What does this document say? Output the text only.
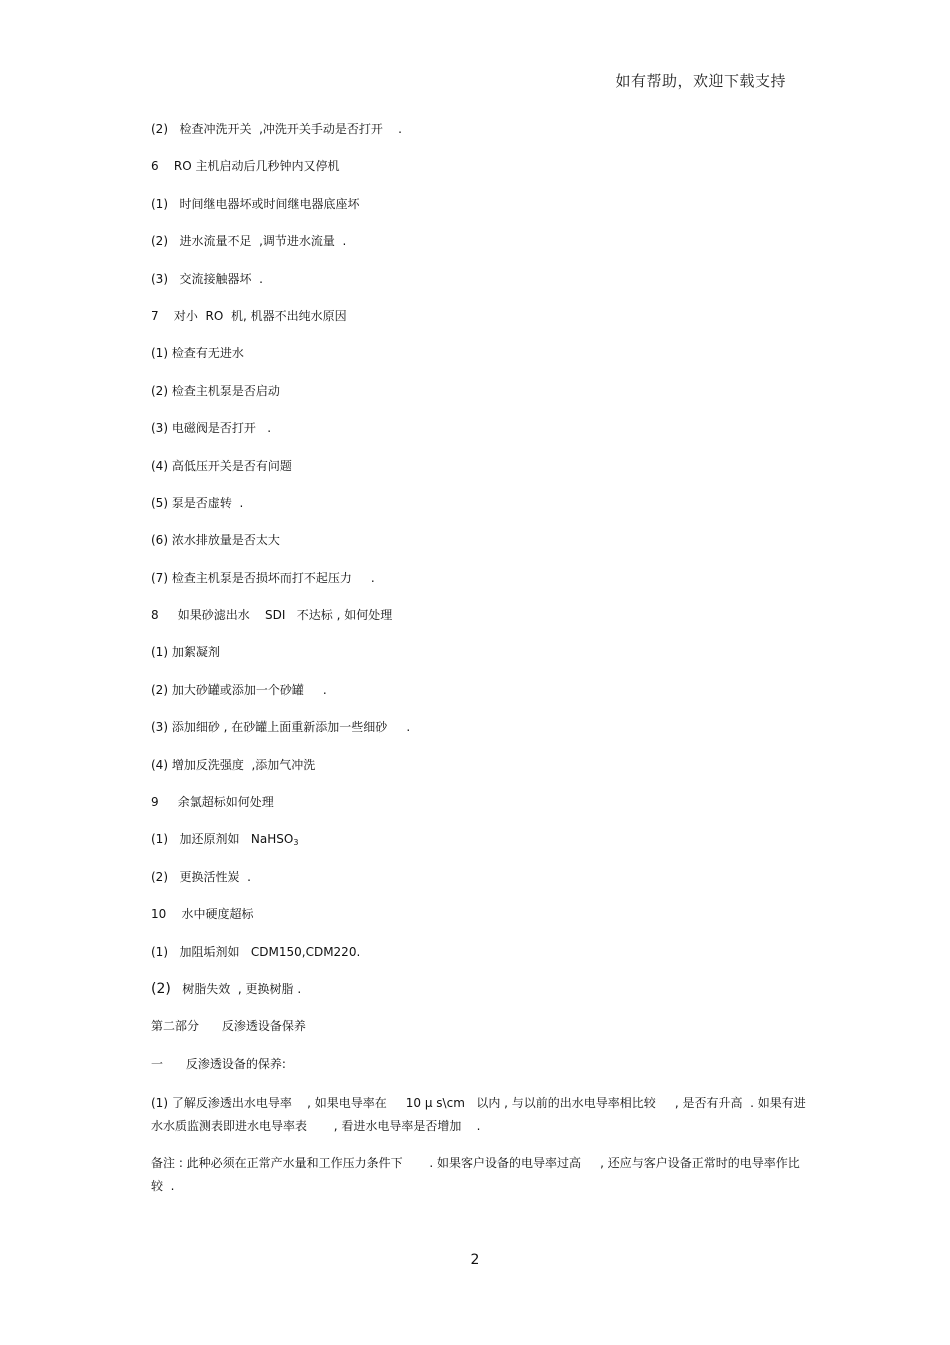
如有帮助，欢迎下载支持
(2)   检查冲洗开关  ,冲洗开关手动是否打开    .
6    RO 主机启动后几秒钟内又停机
(1)   时间继电器坏或时间继电器底座坏
(2)   进水流量不足  ,调节进水流量  .
(3)   交流接触器坏  .
7    对小  RO  机, 机器不出纯水原因
(1) 检查有无进水
(2) 检查主机泵是否启动
(3) 电磁阀是否打开   .
(4) 高低压开关是否有问题
(5) 泵是否虚转  .
(6) 浓水排放量是否太大
(7) 检查主机泵是否损坏而打不起压力     .
8     如果砂滤出水    SDI   不达标 , 如何处理
(1) 加絮凝剂
(2) 加大砂罐或添加一个砂罐     .
(3) 添加细砂 , 在砂罐上面重新添加一些细砂     .
(4) 增加反洗强度  ,添加气冲洗
9     余氯超标如何处理
(1)   加还原剂如   NaHSO$_3$
(2)   更换活性炭  .
10    水中硬度超标
(1)   加阻垢剂如   CDM150,CDM220.
(2)   树脂失效  , 更换树脂 .
第二部分      反渗透设备保养
一      反渗透设备的保养:
(1) 了解反渗透出水电导率    , 如果电导率在     10 μ s\cm   以内 , 与以前的出水电导率相比较     , 是否有升高  . 如果有进水水质监测表即进水电导率表       , 看进水电导率是否增加    .
备注 : 此种必须在正常产水量和工作压力条件下       . 如果客户设备的电导率过高     , 还应与客户设备正常时的电导率作比较  .
2
